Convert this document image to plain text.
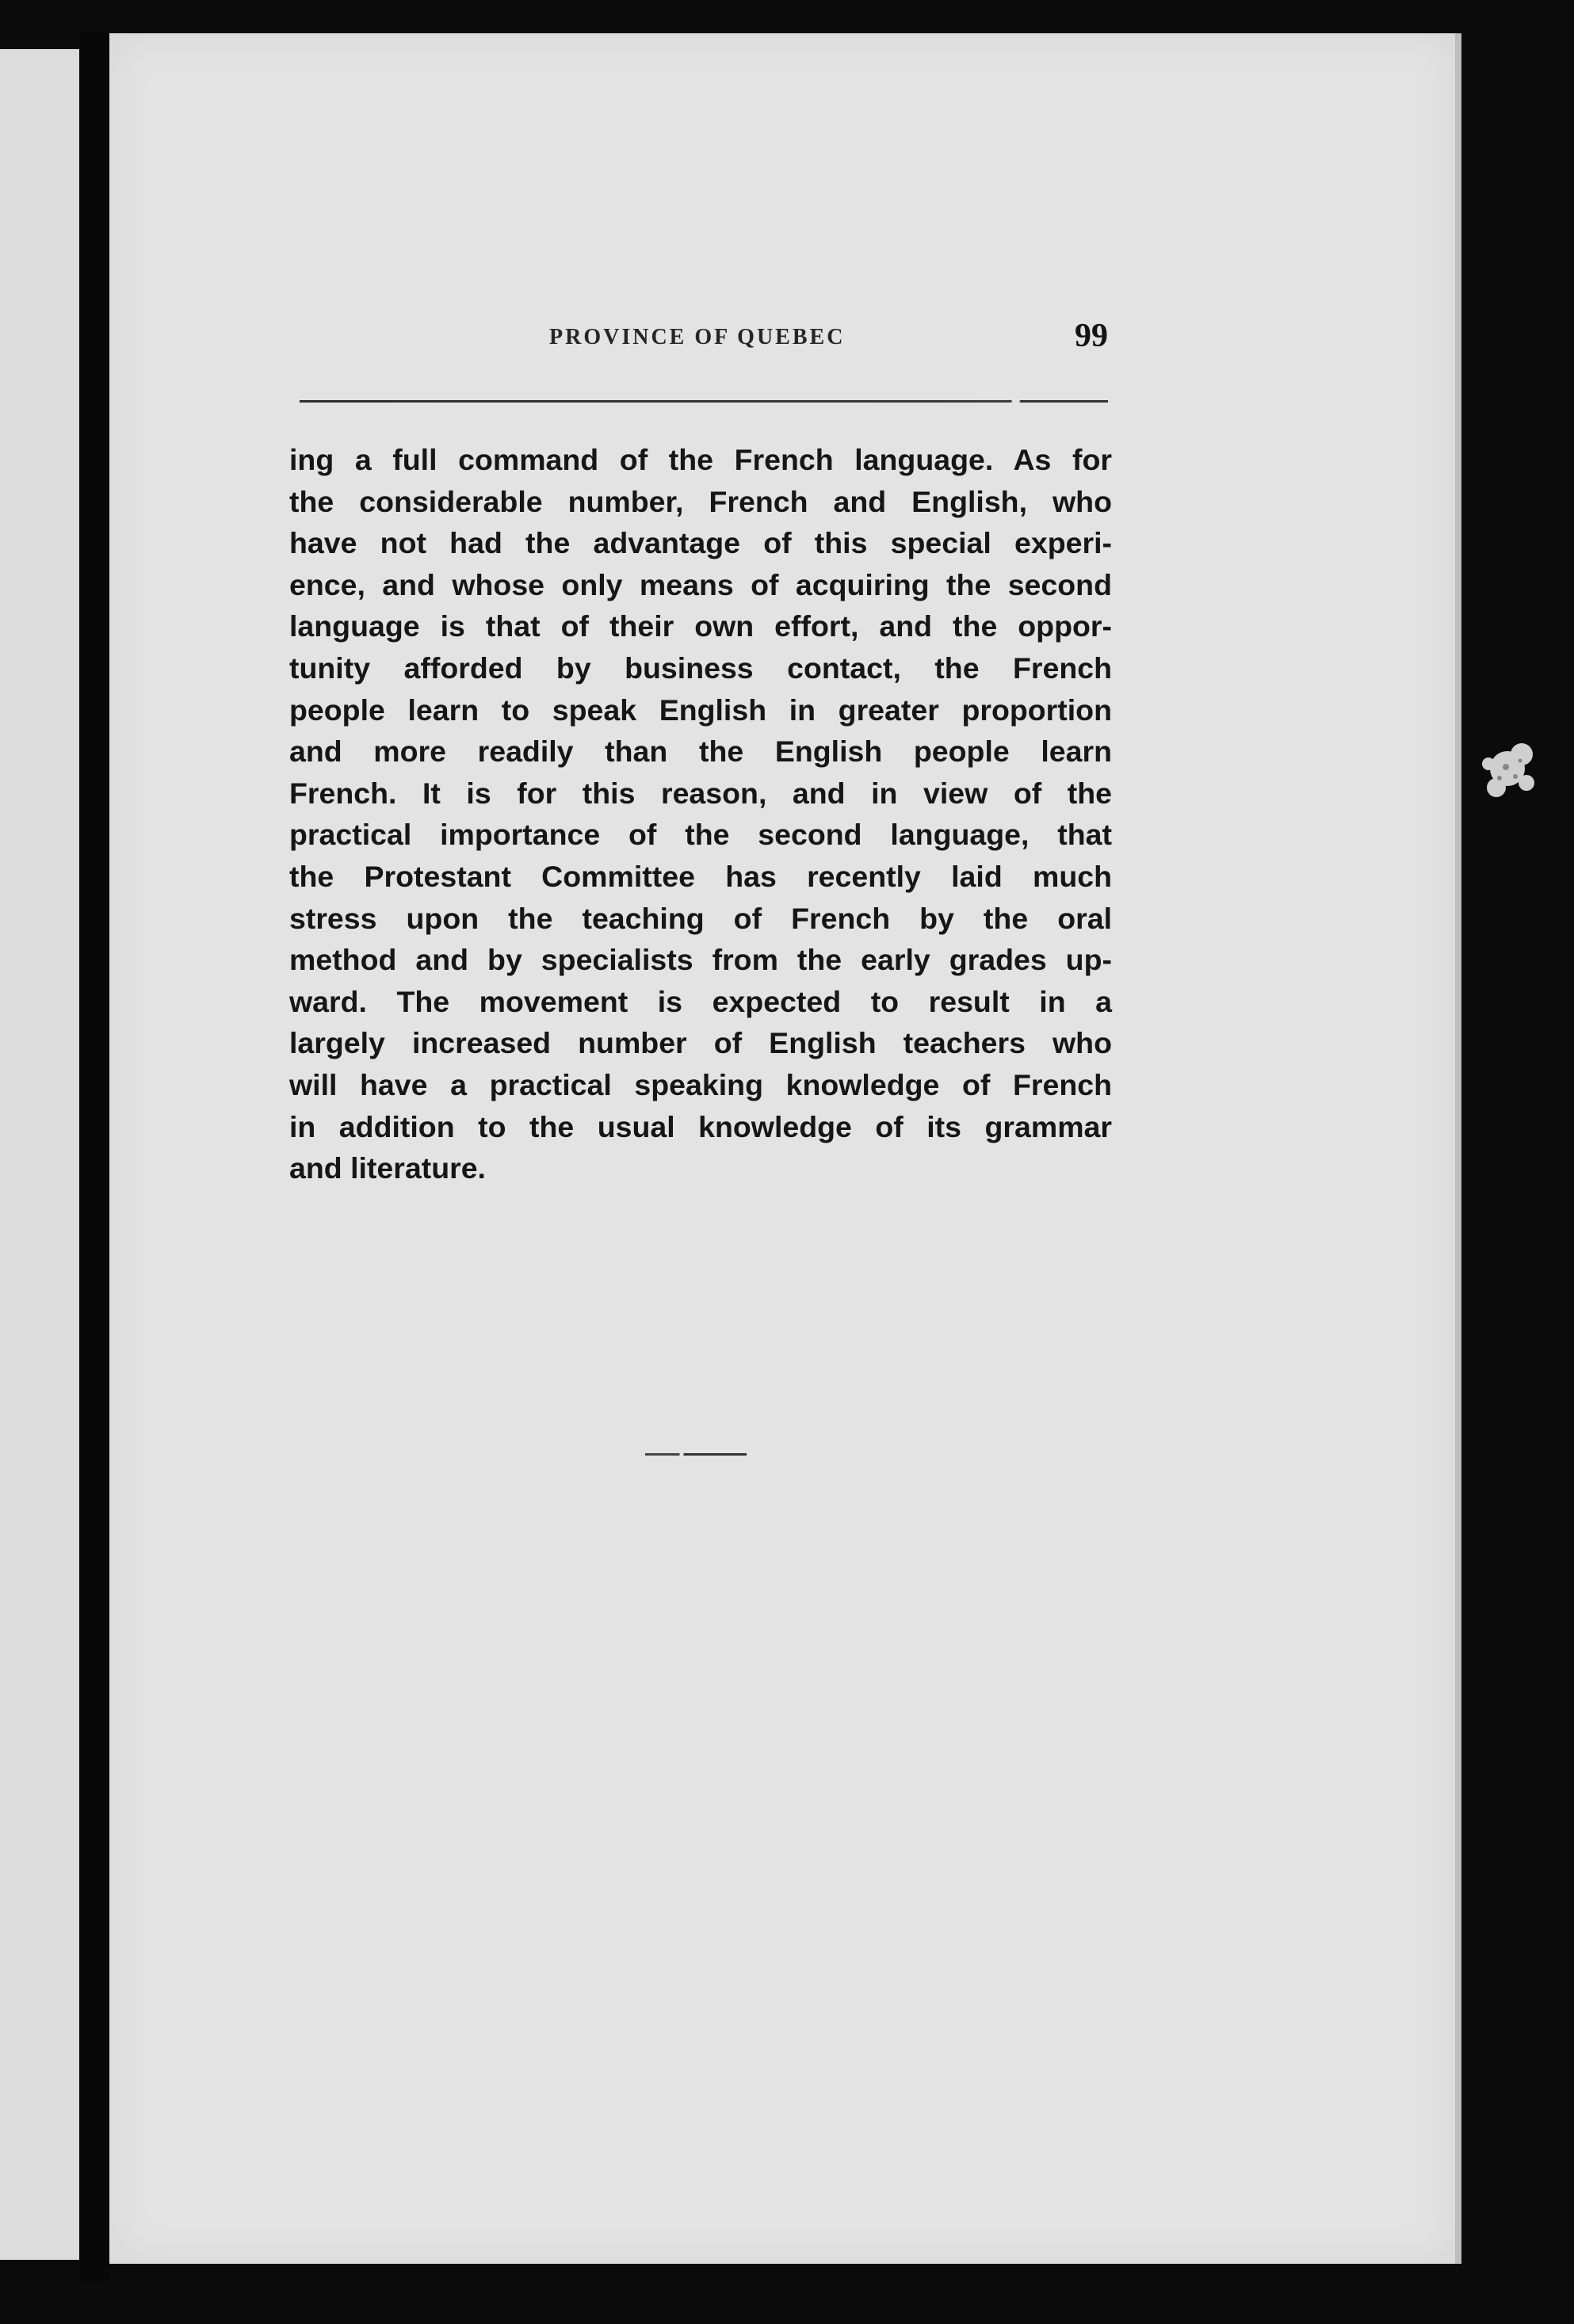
PROVINCE OF QUEBEC	99

ing a full command of the French language. As for
the considerable number, French and English, who
have not had the advantage of this special experi-
ence, and whose only means of acquiring the second
language is that of their own effort, and the oppor-
tunity afforded by business contact, the French
people learn to speak English in greater proportion
and more readily than the English people learn
French. It is for this reason, and in view of the
practical importance of the second language, that
the Protestant Committee has recently laid much
stress upon the teaching of French by the oral
method and by specialists from the early grades up-
ward. The movement is expected to result in a
largely increased number of English teachers who
will have a practical speaking knowledge of French
in addition to the usual knowledge of its grammar
and literature.
